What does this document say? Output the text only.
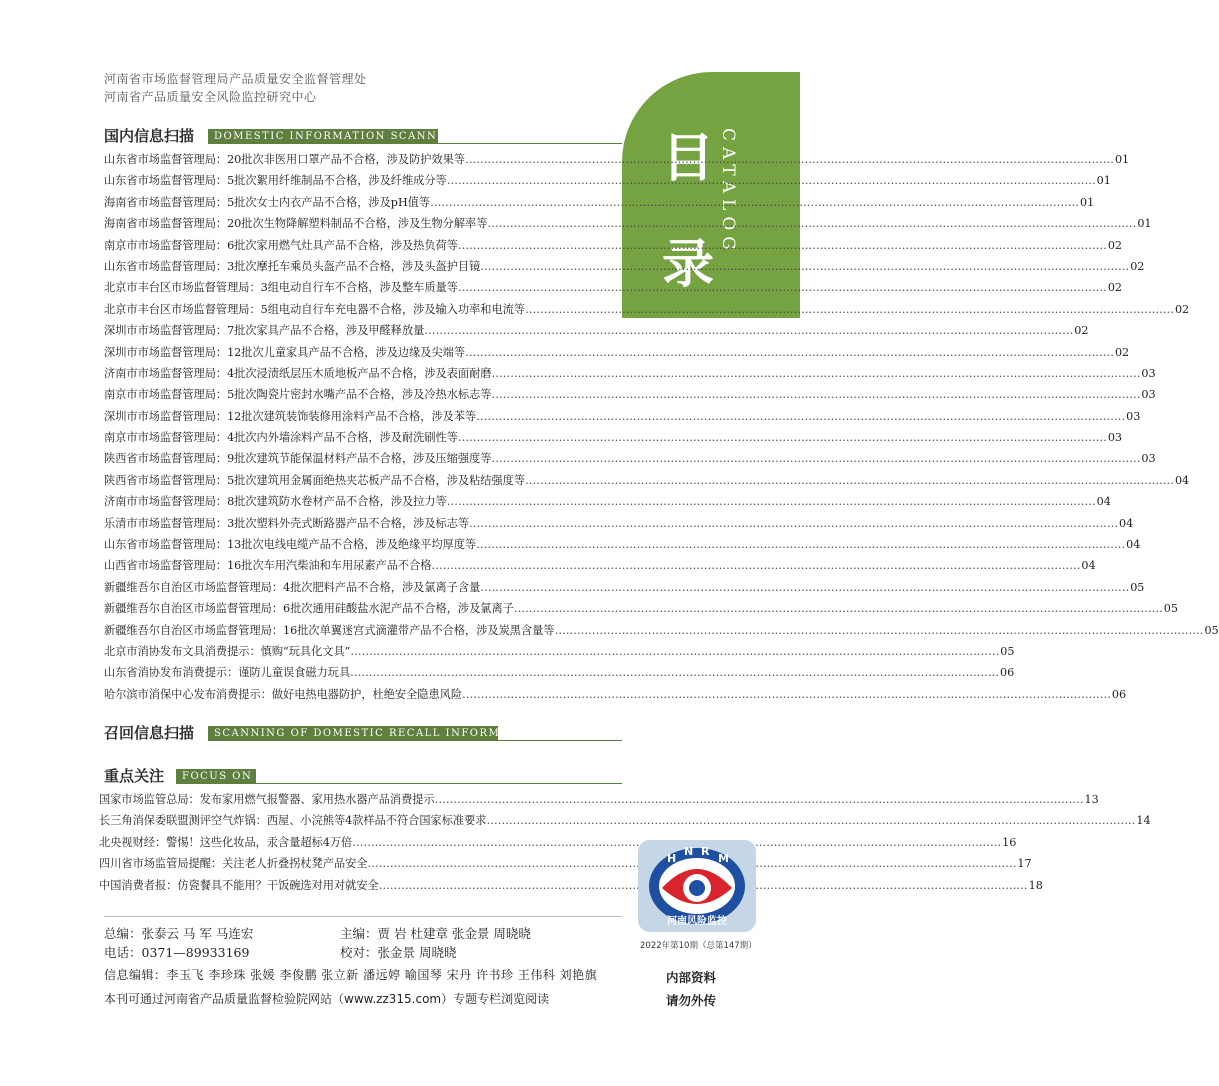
河南省市场监督管理局产品质量安全监督管理处
河南省产品质量安全风险监控研究中心
目
录
CATALOG
国内信息扫描	DOMESTIC INFORMATION SCANNING
山东省市场监督管理局：20批次非医用口罩产品不合格，涉及防护效果等 …………………………………………………………………………………………………………………………………………………………	01
山东省市场监督管理局：5批次絮用纤维制品不合格，涉及纤维成分等 …………………………………………………………………………………………………………………………………………………………	01
海南省市场监督管理局：5批次女士内衣产品不合格，涉及pH值等 …………………………………………………………………………………………………………………………………………………………	01
海南省市场监督管理局：20批次生物降解塑料制品不合格，涉及生物分解率等 …………………………………………………………………………………………………………………………………………………………	01
南京市市场监督管理局：6批次家用燃气灶具产品不合格，涉及热负荷等 …………………………………………………………………………………………………………………………………………………………	02
山东省市场监督管理局：3批次摩托车乘员头盔产品不合格，涉及头盔护目镜 …………………………………………………………………………………………………………………………………………………………	02
北京市丰台区市场监督管理局：3组电动自行车不合格，涉及整车质量等 …………………………………………………………………………………………………………………………………………………………	02
北京市丰台区市场监督管理局：5组电动自行车充电器不合格，涉及输入功率和电流等 …………………………………………………………………………………………………………………………………………………………	02
深圳市市场监督管理局：7批次家具产品不合格，涉及甲醛释放量 …………………………………………………………………………………………………………………………………………………………	02
深圳市市场监督管理局：12批次儿童家具产品不合格，涉及边缘及尖端等 …………………………………………………………………………………………………………………………………………………………	02
济南市市场监督管理局：4批次浸渍纸层压木质地板产品不合格，涉及表面耐磨 …………………………………………………………………………………………………………………………………………………………	03
南京市市场监督管理局：5批次陶瓷片密封水嘴产品不合格，涉及冷热水标志等 …………………………………………………………………………………………………………………………………………………………	03
深圳市市场监督管理局：12批次建筑装饰装修用涂料产品不合格，涉及苯等 …………………………………………………………………………………………………………………………………………………………	03
南京市市场监督管理局：4批次内外墙涂料产品不合格，涉及耐洗刷性等 …………………………………………………………………………………………………………………………………………………………	03
陕西省市场监督管理局：9批次建筑节能保温材料产品不合格，涉及压缩强度等 …………………………………………………………………………………………………………………………………………………………	03
陕西省市场监督管理局：5批次建筑用金属面绝热夹芯板产品不合格，涉及粘结强度等 …………………………………………………………………………………………………………………………………………………………	04
济南市市场监督管理局：8批次建筑防水卷材产品不合格，涉及拉力等 …………………………………………………………………………………………………………………………………………………………	04
乐清市市场监督管理局：3批次塑料外壳式断路器产品不合格，涉及标志等 …………………………………………………………………………………………………………………………………………………………	04
山东省市场监督管理局：13批次电线电缆产品不合格，涉及绝缘平均厚度等 …………………………………………………………………………………………………………………………………………………………	04
山西省市场监督管理局：16批次车用汽柴油和车用尿素产品不合格 …………………………………………………………………………………………………………………………………………………………	04
新疆维吾尔自治区市场监督管理局：4批次肥料产品不合格，涉及氯离子含量 …………………………………………………………………………………………………………………………………………………………	05
新疆维吾尔自治区市场监督管理局：6批次通用硅酸盐水泥产品不合格，涉及氯离子 …………………………………………………………………………………………………………………………………………………………	05
新疆维吾尔自治区市场监督管理局：16批次单翼迷宫式滴灌带产品不合格，涉及炭黑含量等 …………………………………………………………………………………………………………………………………………………………	05
北京市消协发布文具消费提示：慎购“玩具化文具” …………………………………………………………………………………………………………………………………………………………	05
山东省消协发布消费提示：谨防儿童误食磁力玩具 …………………………………………………………………………………………………………………………………………………………	06
哈尔滨市消保中心发布消费提示：做好电热电器防护，杜绝安全隐患风险 …………………………………………………………………………………………………………………………………………………………	06
召回信息扫描	SCANNING OF DOMESTIC RECALL INFORMATION
重点关注	FOCUS ON
国家市场监管总局：发布家用燃气报警器、家用热水器产品消费提示 …………………………………………………………………………………………………………………………………………………………	13
长三角消保委联盟测评空气炸锅：西屋、小浣熊等4款样品不符合国家标准要求 …………………………………………………………………………………………………………………………………………………………	14
北央视财经：警惕！这些化妆品，汞含量超标4万倍 …………………………………………………………………………………………………………………………………………………………	16
四川省市场监管局提醒：关注老人折叠拐杖凳产品安全 …………………………………………………………………………………………………………………………………………………………	17
中国消费者报：仿瓷餐具不能用？干饭碗选对用对就安全 …………………………………………………………………………………………………………………………………………………………	18
H
N R
M
河南风险监控
2022年第10期（总第147期）
总编：张泰云 马 军 马连宏	主编：贾 岩 杜建章 张金景 周晓晓
电话：0371—89933169	校对：张金景 周晓晓
信息编辑：李玉飞 李珍珠 张媛 李俊鹏 张立新 潘远婷 喻国琴 宋丹 许书珍 王伟科 刘艳旗
本刊可通过河南省产品质量监督检验院网站（www.zz315.com）专题专栏浏览阅读
内部资料
请勿外传
